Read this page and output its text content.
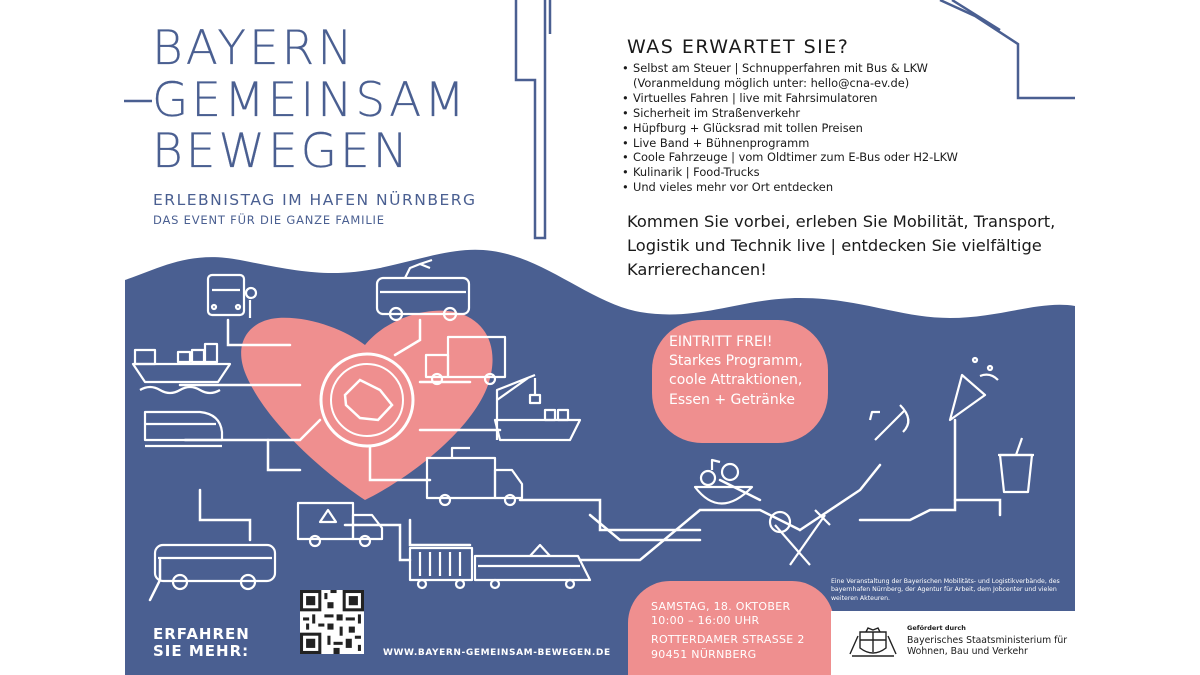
BAYERN
GEMEINSAM
BEWEGEN
ERLEBNISTAG IM HAFEN NÜRNBERG
DAS EVENT FÜR DIE GANZE FAMILIE
WAS ERWARTET SIE?
• Selbst am Steuer | Schnupperfahren mit Bus & LKW
(Voranmeldung möglich unter: hello@cna-ev.de)
• Virtuelles Fahren | live mit Fahrsimulatoren
• Sicherheit im Straßenverkehr
• Hüpfburg + Glücksrad mit tollen Preisen
• Live Band + Bühnenprogramm
• Coole Fahrzeuge | vom Oldtimer zum E-Bus oder H2-LKW
• Kulinarik | Food-Trucks
• Und vieles mehr vor Ort entdecken
Kommen Sie vorbei, erleben Sie Mobilität, Transport, Logistik und Technik live | entdecken Sie vielfältige Karrierechancen!
EINTRITT FREI!
Starkes Programm,
coole Attraktionen,
Essen + Getränke
SAMSTAG, 18. OKTOBER
10:00 – 16:00 UHR
ROTTERDAMER STRASSE 2
90451 NÜRNBERG
ERFAHREN
SIE MEHR:	WWW.BAYERN-GEMEINSAM-BEWEGEN.DE
Eine Veranstaltung der Bayerischen Mobilitäts- und Logistikverbände, des bayernhafen Nürnberg, der Agentur für Arbeit, dem Jobcenter und vielen weiteren Akteuren.
Gefördert durch
Bayerisches Staatsministerium für
Wohnen, Bau und Verkehr
